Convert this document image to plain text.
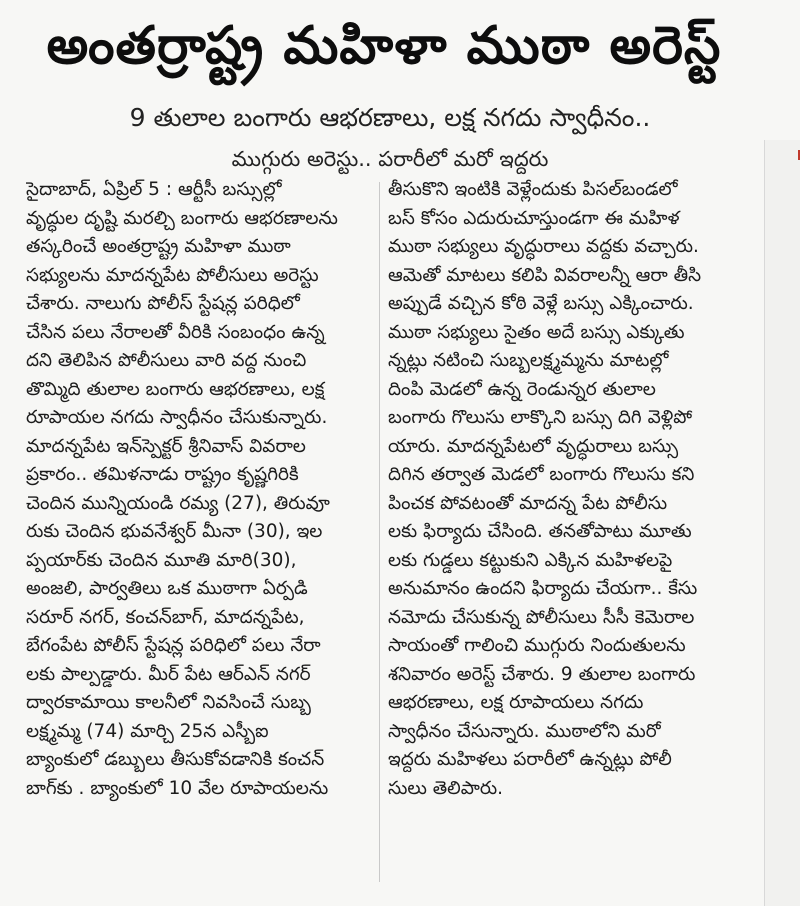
అంతర్రాష్ట్ర మహిళా ముఠా అరెస్ట్
9 తులాల బంగారు ఆభరణాలు, లక్ష నగదు స్వాధీనం..
ముగ్గురు అరెస్టు.. పరారీలో మరో ఇద్దరు
సైదాబాద్, ఏప్రిల్ 5 : ఆర్టీసీ బస్సుల్లో
వృద్ధుల దృష్టి మరల్చి బంగారు ఆభరణాలను
తస్కరించే అంతర్రాష్ట్ర మహిళా ముఠా
సభ్యులను మాదన్నపేట పోలీసులు అరెస్టు
చేశారు. నాలుగు పోలీస్ స్టేషన్ల పరిధిలో
చేసిన పలు నేరాలతో వీరికి సంబంధం ఉన్న
దని తెలిపిన పోలీసులు వారి వద్ద నుంచి
తొమ్మిది తులాల బంగారు ఆభరణాలు, లక్ష
రూపాయల నగదు స్వాధీనం చేసుకున్నారు.
మాదన్నపేట ఇన్‌స్పెక్టర్ శ్రీనివాస్ వివరాల
ప్రకారం.. తమిళనాడు రాష్ట్రం కృష్ణగిరికి
చెందిన మున్నియండి రమ్య (27), తిరువూ
రుకు చెందిన భువనేశ్వర్ మీనా (30), ఇల
ప్పయార్‌కు చెందిన మూతి మారి(30),
అంజలి, పార్వతిలు ఒక ముఠాగా ఏర్పడి
సరూర్ నగర్, కంచన్‌బాగ్, మాదన్నపేట,
బేగంపేట పోలీస్ స్టేషన్ల పరిధిలో పలు నేరా
లకు పాల్పడ్డారు. మీర్ పేట ఆర్ఎన్ నగర్
ద్వారకామాయి కాలనీలో నివసించే సుబ్బ
లక్ష్మమ్మ (74) మార్చి 25న ఎస్బీఐ
బ్యాంకులో డబ్బులు తీసుకోవడానికి కంచన్
బాగ్‌కు . బ్యాంకులో 10 వేల రూపాయలను
తీసుకొని ఇంటికి వెళ్లేందుకు పిసల్‌బండలో
బస్ కోసం ఎదురుచూస్తుండగా ఈ మహిళ
ముఠా సభ్యులు వృద్ధురాలు వద్దకు వచ్చారు.
ఆమెతో మాటలు కలిపి వివరాలన్నీ ఆరా తీసి
అప్పుడే వచ్చిన కోఠి వెళ్లే బస్సు ఎక్కించారు.
ముఠా సభ్యులు సైతం అదే బస్సు ఎక్కుతు
న్నట్లు నటించి సుబ్బలక్ష్మమ్మను మాటల్లో
దింపి మెడలో ఉన్న రెండున్నర తులాల
బంగారు గొలుసు లాక్కొని బస్సు దిగి వెళ్లిపో
యారు. మాదన్నపేటలో వృద్ధురాలు బస్సు
దిగిన తర్వాత మెడలో బంగారు గొలుసు కని
పించక పోవటంతో మాదన్న పేట పోలీసు
లకు ఫిర్యాదు చేసింది. తనతోపాటు మూతు
లకు గుడ్డలు కట్టుకుని ఎక్కిన మహిళలపై
అనుమానం ఉందని ఫిర్యాదు చేయగా.. కేసు
నమోదు చేసుకున్న పోలీసులు సీసీ కెమెరాల
సాయంతో గాలించి ముగ్గురు నిందుతులను
శనివారం అరెస్ట్ చేశారు. 9 తులాల బంగారు
ఆభరణాలు, లక్ష రూపాయలు నగదు
స్వాధీనం చేసున్నారు. ముఠాలోని మరో
ఇద్దరు మహిళలు పరారీలో ఉన్నట్లు పోలీ
సులు తెలిపారు.
